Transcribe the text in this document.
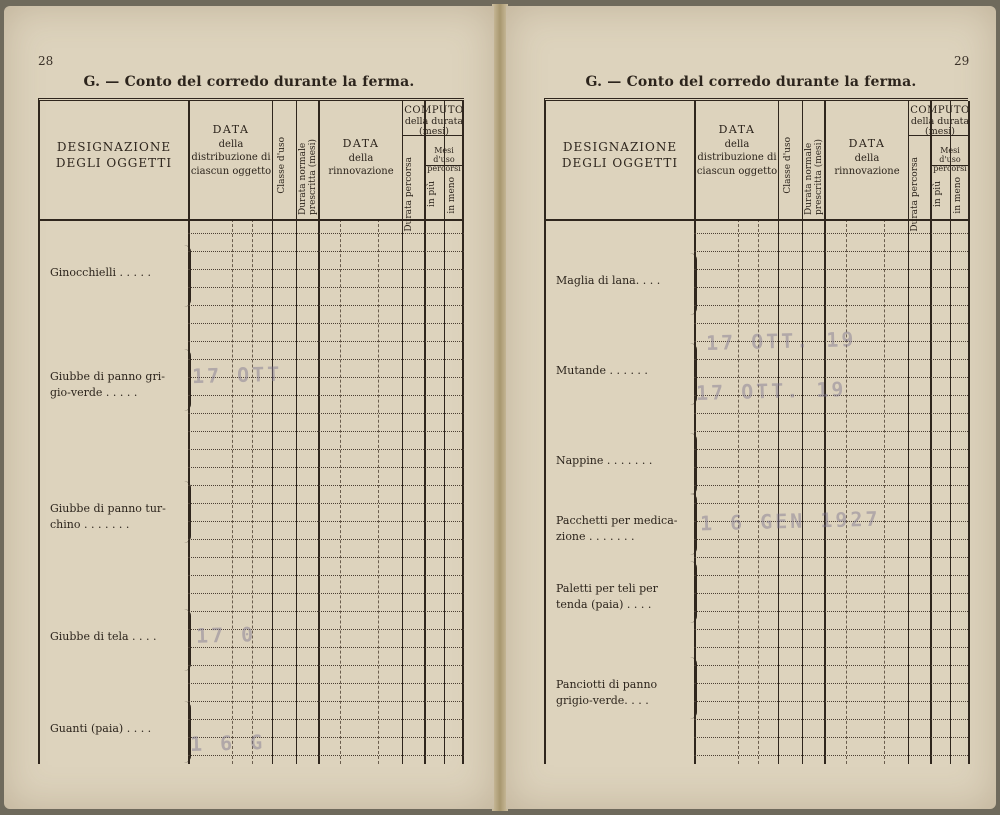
28
G. — Conto del corredo durante la ferma.
DESIGNAZIONE DEGLI OGGETTI
DATA
della distribuzione di ciascun oggetto Classe d'uso Durata normale prescritta (mesi)	DATA
della rinnovazione
COMPUTO
della durata (mesi)
Durata percorsa
Mesi d'uso percorsi
in più in meno
Ginocchielli . . . . .
Giubbe di panno gri-gio-verde . . . . .
Giubbe di panno tur-chino . . . . . . .
Giubbe di tela . . . .
Guanti (paia) . . . .
17 OTT
17 0
1 6 G
29
G. — Conto del corredo durante la ferma.
DESIGNAZIONE DEGLI OGGETTI
DATA
della distribuzione di ciascun oggetto Classe d'uso Durata normale prescritta (mesi)	DATA
della rinnovazione
COMPUTO
della durata (mesi)
Durata percorsa
Mesi d'uso percorsi
in più in meno
Maglia di lana. . . .
Mutande . . . . . .
Nappine . . . . . . .
Pacchetti per medica-zione . . . . . . .
Paletti per teli per tenda (paia) . . . .
Panciotti di panno grigio-verde. . . .
17 OTT. 19
17 OTT. 19
1 6 GEN 1927
